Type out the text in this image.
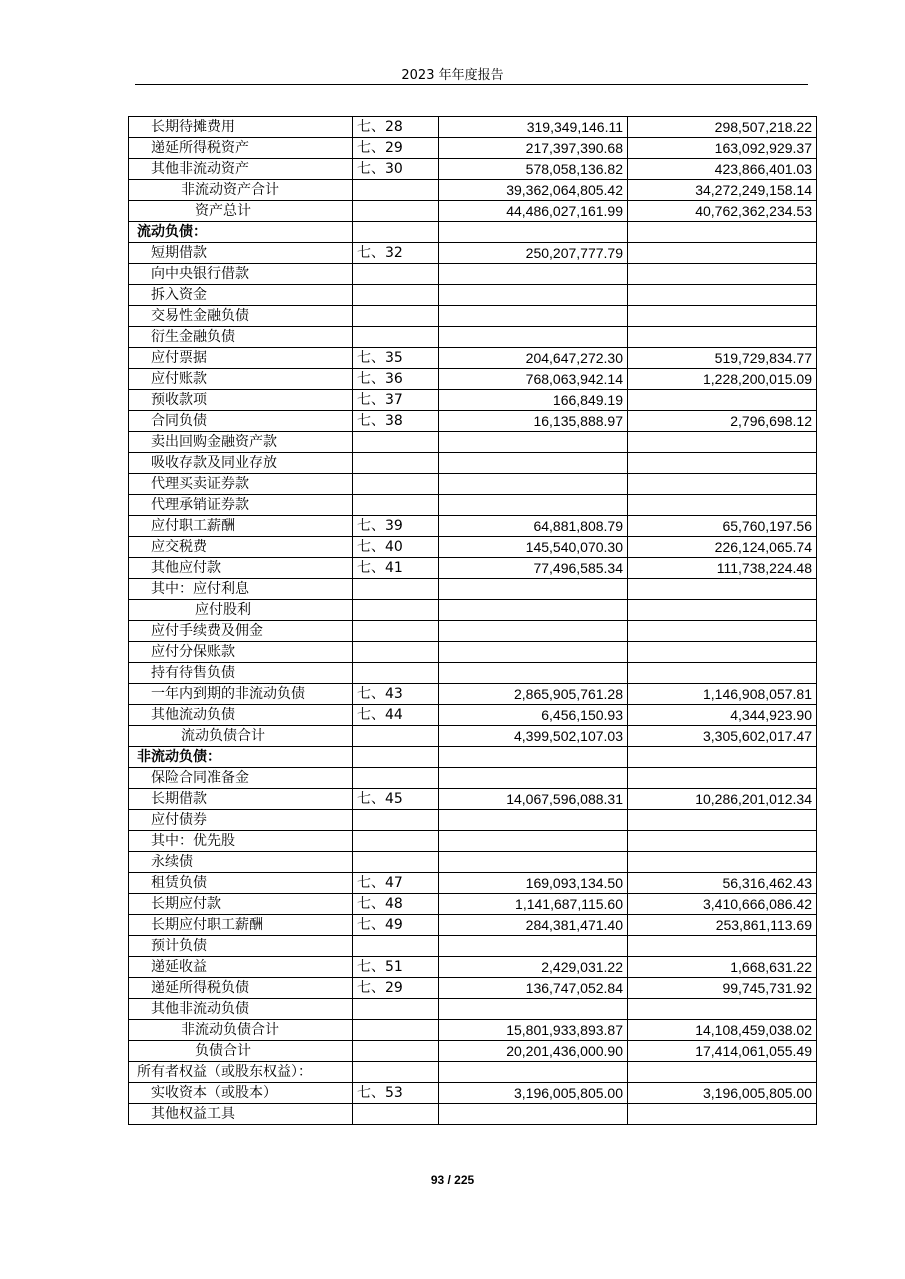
2023 年年度报告
长期待摊费用	七、28	319,349,146.11	298,507,218.22
递延所得税资产	七、29	217,397,390.68	163,092,929.37
其他非流动资产	七、30	578,058,136.82	423,866,401.03
非流动资产合计		39,362,064,805.42	34,272,249,158.14
资产总计		44,486,027,161.99	40,762,362,234.53
流动负债：			
短期借款	七、32	250,207,777.79	
向中央银行借款			
拆入资金			
交易性金融负债			
衍生金融负债			
应付票据	七、35	204,647,272.30	519,729,834.77
应付账款	七、36	768,063,942.14	1,228,200,015.09
预收款项	七、37	166,849.19	
合同负债	七、38	16,135,888.97	2,796,698.12
卖出回购金融资产款			
吸收存款及同业存放			
代理买卖证券款			
代理承销证券款			
应付职工薪酬	七、39	64,881,808.79	65,760,197.56
应交税费	七、40	145,540,070.30	226,124,065.74
其他应付款	七、41	77,496,585.34	111,738,224.48
其中：应付利息			
应付股利			
应付手续费及佣金			
应付分保账款			
持有待售负债			
一年内到期的非流动负债	七、43	2,865,905,761.28	1,146,908,057.81
其他流动负债	七、44	6,456,150.93	4,344,923.90
流动负债合计		4,399,502,107.03	3,305,602,017.47
非流动负债：			
保险合同准备金			
长期借款	七、45	14,067,596,088.31	10,286,201,012.34
应付债券			
其中：优先股			
永续债			
租赁负债	七、47	169,093,134.50	56,316,462.43
长期应付款	七、48	1,141,687,115.60	3,410,666,086.42
长期应付职工薪酬	七、49	284,381,471.40	253,861,113.69
预计负债			
递延收益	七、51	2,429,031.22	1,668,631.22
递延所得税负债	七、29	136,747,052.84	99,745,731.92
其他非流动负债			
非流动负债合计		15,801,933,893.87	14,108,459,038.02
负债合计		20,201,436,000.90	17,414,061,055.49
所有者权益（或股东权益）：			
实收资本（或股本）	七、53	3,196,005,805.00	3,196,005,805.00
其他权益工具			
93 / 225
